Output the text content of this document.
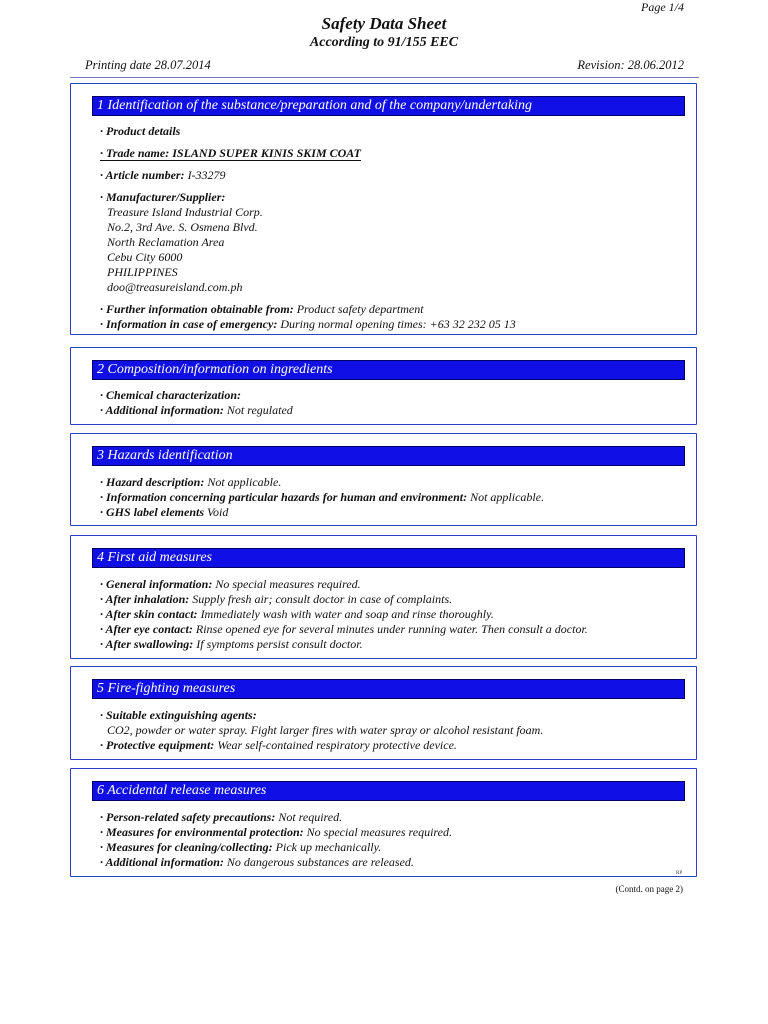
Page 1/4
Safety Data Sheet
According to 91/155 EEC
Printing date 28.07.2014	Revision: 28.06.2012
1 Identification of the substance/preparation and of the company/undertaking
· Product details
· Trade name: ISLAND SUPER KINIS SKIM COAT
· Article number: I-33279
· Manufacturer/Supplier:
Treasure Island Industrial Corp.
No.2, 3rd Ave. S. Osmena Blvd.
North Reclamation Area
Cebu City 6000
PHILIPPINES
doo@treasureisland.com.ph
· Further information obtainable from: Product safety department
· Information in case of emergency: During normal opening times: +63 32 232 05 13
2 Composition/information on ingredients
· Chemical characterization:
· Additional information: Not regulated
3 Hazards identification
· Hazard description: Not applicable.
· Information concerning particular hazards for human and environment: Not applicable.
· GHS label elements Void
4 First aid measures
· General information: No special measures required.
· After inhalation: Supply fresh air; consult doctor in case of complaints.
· After skin contact: Immediately wash with water and soap and rinse thoroughly.
· After eye contact: Rinse opened eye for several minutes under running water. Then consult a doctor.
· After swallowing: If symptoms persist consult doctor.
5 Fire-fighting measures
· Suitable extinguishing agents:
CO2, powder or water spray. Fight larger fires with water spray or alcohol resistant foam.
· Protective equipment: Wear self-contained respiratory protective device.
6 Accidental release measures
· Person-related safety precautions: Not required.
· Measures for environmental protection: No special measures required.
· Measures for cleaning/collecting: Pick up mechanically.
· Additional information: No dangerous substances are released.
RP
(Contd. on page 2)
